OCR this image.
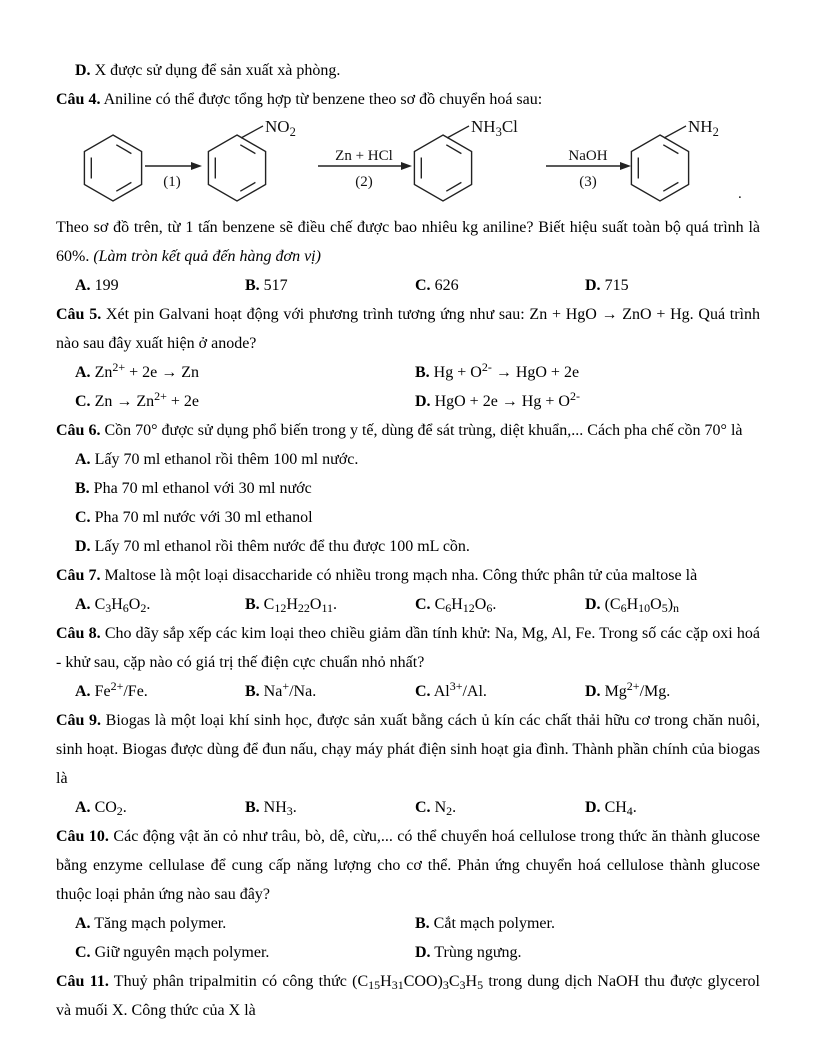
D. X được sử dụng để sản xuất xà phòng.

Câu 4. Aniline có thể được tổng hợp từ benzene theo sơ đồ chuyển hoá sau:

(1)
$NO_2$
Zn + HCl
(2)
$NH_3Cl$
NaOH
(3)
$NH_2$
.

Theo sơ đồ trên, từ 1 tấn benzene sẽ điều chế được bao nhiêu kg aniline? Biết hiệu suất toàn bộ quá trình là 60%. (Làm tròn kết quả đến hàng đơn vị)

A. 199	B. 517	C. 626	D. 715

Câu 5. Xét pin Galvani hoạt động với phương trình tương ứng như sau: Zn + HgO → ZnO + Hg. Quá trình nào sau đây xuất hiện ở anode?

A. $Zn^{2+} + 2e \to Zn$	B. $Hg + O^{2-}$ → HgO + 2e
C. $Zn \to Zn^{2+} + 2e$	D. HgO + $2e \to Hg + O^{2-}$

Câu 6. Cồn 70° được sử dụng phổ biến trong y tế, dùng để sát trùng, diệt khuẩn,... Cách pha chế cồn 70° là

A. Lấy 70 ml ethanol rồi thêm 100 ml nước.
B. Pha 70 ml ethanol với 30 ml nước
C. Pha 70 ml nước với 30 ml ethanol
D. Lấy 70 ml ethanol rồi thêm nước để thu được 100 mL cồn.

Câu 7. Maltose là một loại disaccharide có nhiều trong mạch nha. Công thức phân tử của maltose là

A. $C_3H_6O_2$.	B. $C_{12}H_{22}O_{11}$.	C. $C_6H_{12}O_6$.	D. $(C_6H_{10}O_5)_n$

Câu 8. Cho dãy sắp xếp các kim loại theo chiều giảm dần tính khử: Na, Mg, Al, Fe. Trong số các cặp oxi hoá - khử sau, cặp nào có giá trị thế điện cực chuẩn nhỏ nhất?

A. $Fe^{2+}/Fe$.	B. Na+/Na.	C. $Al^{3+}/Al$.	D. $Mg^{2+}/Mg$.

Câu 9. Biogas là một loại khí sinh học, được sản xuất bằng cách ủ kín các chất thải hữu cơ trong chăn nuôi, sinh hoạt. Biogas được dùng để đun nấu, chạy máy phát điện sinh hoạt gia đình. Thành phần chính của biogas là

A. $CO_2$.	B. $NH_3$.	C. $N_2$.	D. $CH_4$.

Câu 10. Các động vật ăn cỏ như trâu, bò, dê, cừu,... có thể chuyển hoá cellulose trong thức ăn thành glucose bằng enzyme cellulase để cung cấp năng lượng cho cơ thể. Phản ứng chuyển hoá cellulose thành glucose thuộc loại phản ứng nào sau đây?

A. Tăng mạch polymer.	B. Cắt mạch polymer.
C. Giữ nguyên mạch polymer.	D. Trùng ngưng.

Câu 11. Thuỷ phân tripalmitin có công thức $(C_{15}H_{31}COO)_3C_3H_5$ trong dung dịch NaOH thu được glycerol và muối X. Công thức của X là
